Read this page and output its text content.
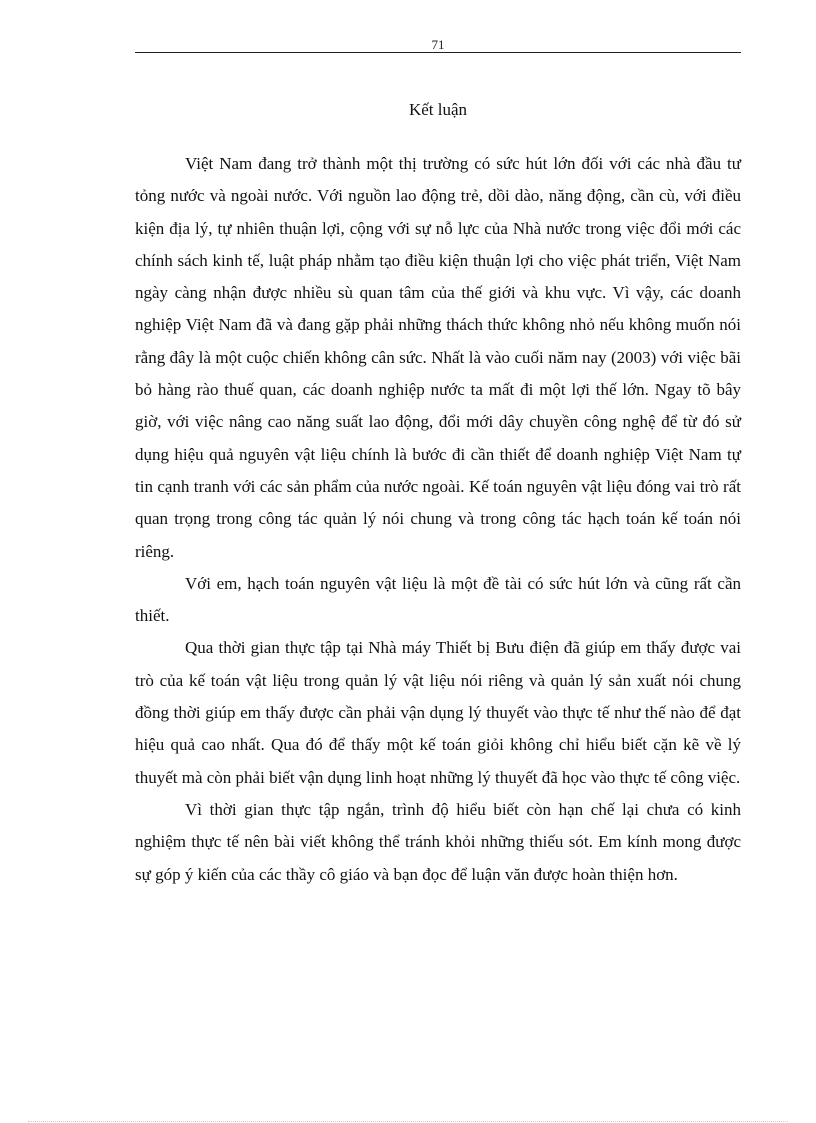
71
Kết luận

Việt Nam đang trở thành một thị trường có sức hút lớn đối với các nhà đầu tư tỏng nước và ngoài nước. Với nguồn lao động trẻ, dồi dào, năng động, cần cù, với điều kiện địa lý, tự nhiên thuận lợi, cộng với sự nỗ lực của Nhà nước trong việc đổi mới các chính sách kinh tế, luật pháp nhằm tạo điều kiện thuận lợi cho việc phát triển, Việt Nam ngày càng nhận được nhiều sù quan tâm của thế giới và khu vực. Vì vậy, các doanh nghiệp Việt Nam đã và đang gặp phải những thách thức không nhỏ nếu không muốn nói rằng đây là một cuộc chiến không cân sức. Nhất là vào cuối năm nay (2003) với việc bãi bỏ hàng rào thuế quan, các doanh nghiệp nước ta mất đi một lợi thế lớn. Ngay tõ bây giờ, với việc nâng cao năng suất lao động, đổi mới dây chuyền công nghệ để từ đó sử dụng hiệu quả nguyên vật liệu chính là bước đi cần thiết để doanh nghiệp Việt Nam tự tin cạnh tranh với các sản phẩm của nước ngoài. Kế toán nguyên vật liệu đóng vai trò rất quan trọng trong công tác quản lý nói chung và trong công tác hạch toán kế toán nói riêng.

Với em, hạch toán nguyên vật liệu là một đề tài có sức hút lớn và cũng rất cần thiết.

Qua thời gian thực tập tại Nhà máy Thiết bị Bưu điện đã giúp em thấy được vai trò của kế toán vật liệu trong quản lý vật liệu nói riêng và quản lý sản xuất nói chung đồng thời giúp em thấy được cần phải vận dụng lý thuyết vào thực tế như thế nào để đạt hiệu quả cao nhất. Qua đó để thấy một kế toán giỏi không chỉ hiểu biết cặn kẽ về lý thuyết mà còn phải biết vận dụng linh hoạt những lý thuyết đã học vào thực tế công việc.

Vì thời gian thực tập ngắn, trình độ hiểu biết còn hạn chế lại chưa có kinh nghiệm thực tế nên bài viết không thể tránh khỏi những thiếu sót. Em kính mong được sự góp ý kiến của các thầy cô giáo và bạn đọc để luận văn được hoàn thiện hơn.
